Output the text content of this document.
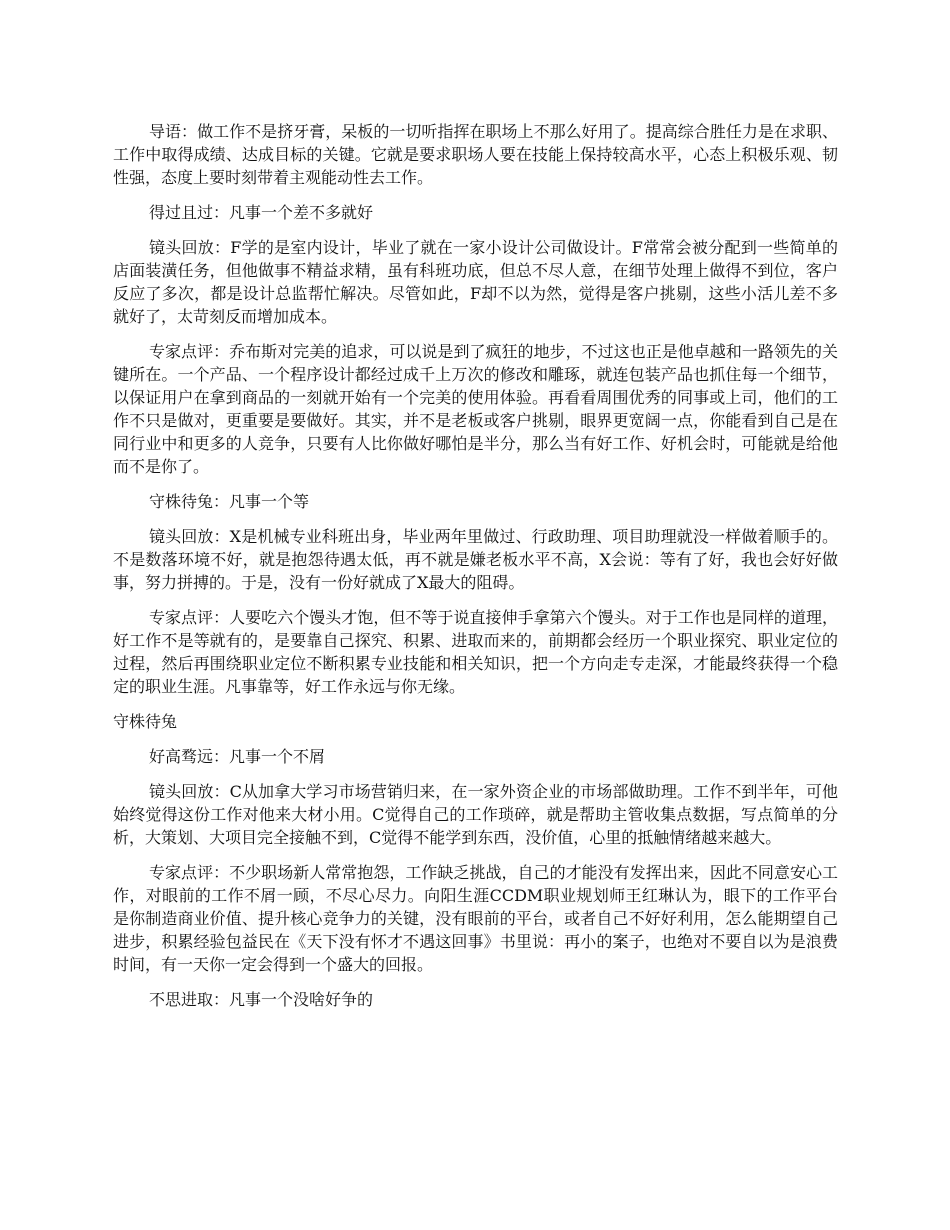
导语：做工作不是挤牙膏，呆板的一切听指挥在职场上不那么好用了。提高综合胜任力是在求职、工作中取得成绩、达成目标的关键。它就是要求职场人要在技能上保持较高水平，心态上积极乐观、韧性强，态度上要时刻带着主观能动性去工作。

得过且过：凡事一个差不多就好

镜头回放：F学的是室内设计，毕业了就在一家小设计公司做设计。F常常会被分配到一些简单的店面装潢任务，但他做事不精益求精，虽有科班功底，但总不尽人意，在细节处理上做得不到位，客户反应了多次，都是设计总监帮忙解决。尽管如此，F却不以为然，觉得是客户挑剔，这些小活儿差不多就好了，太苛刻反而增加成本。

专家点评：乔布斯对完美的追求，可以说是到了疯狂的地步，不过这也正是他卓越和一路领先的关键所在。一个产品、一个程序设计都经过成千上万次的修改和雕琢，就连包装产品也抓住每一个细节，以保证用户在拿到商品的一刻就开始有一个完美的使用体验。再看看周围优秀的同事或上司，他们的工作不只是做对，更重要是要做好。其实，并不是老板或客户挑剔，眼界更宽阔一点，你能看到自己是在同行业中和更多的人竞争，只要有人比你做好哪怕是半分，那么当有好工作、好机会时，可能就是给他而不是你了。

守株待兔：凡事一个等

镜头回放：X是机械专业科班出身，毕业两年里做过、行政助理、项目助理就没一样做着顺手的。不是数落环境不好，就是抱怨待遇太低，再不就是嫌老板水平不高，X会说：等有了好，我也会好好做事，努力拼搏的。于是，没有一份好就成了X最大的阻碍。

专家点评：人要吃六个馒头才饱，但不等于说直接伸手拿第六个馒头。对于工作也是同样的道理，好工作不是等就有的，是要靠自己探究、积累、进取而来的，前期都会经历一个职业探究、职业定位的过程，然后再围绕职业定位不断积累专业技能和相关知识，把一个方向走专走深，才能最终获得一个稳定的职业生涯。凡事靠等，好工作永远与你无缘。

守株待兔

好高骛远：凡事一个不屑

镜头回放：C从加拿大学习市场营销归来，在一家外资企业的市场部做助理。工作不到半年，可他始终觉得这份工作对他来大材小用。C觉得自己的工作琐碎，就是帮助主管收集点数据，写点简单的分析，大策划、大项目完全接触不到，C觉得不能学到东西，没价值，心里的抵触情绪越来越大。

专家点评：不少职场新人常常抱怨，工作缺乏挑战，自己的才能没有发挥出来，因此不同意安心工作，对眼前的工作不屑一顾，不尽心尽力。向阳生涯CCDM职业规划师王红琳认为，眼下的工作平台是你制造商业价值、提升核心竞争力的关键，没有眼前的平台，或者自己不好好利用，怎么能期望自己进步，积累经验包益民在《天下没有怀才不遇这回事》书里说：再小的案子，也绝对不要自以为是浪费时间，有一天你一定会得到一个盛大的回报。

不思进取：凡事一个没啥好争的
